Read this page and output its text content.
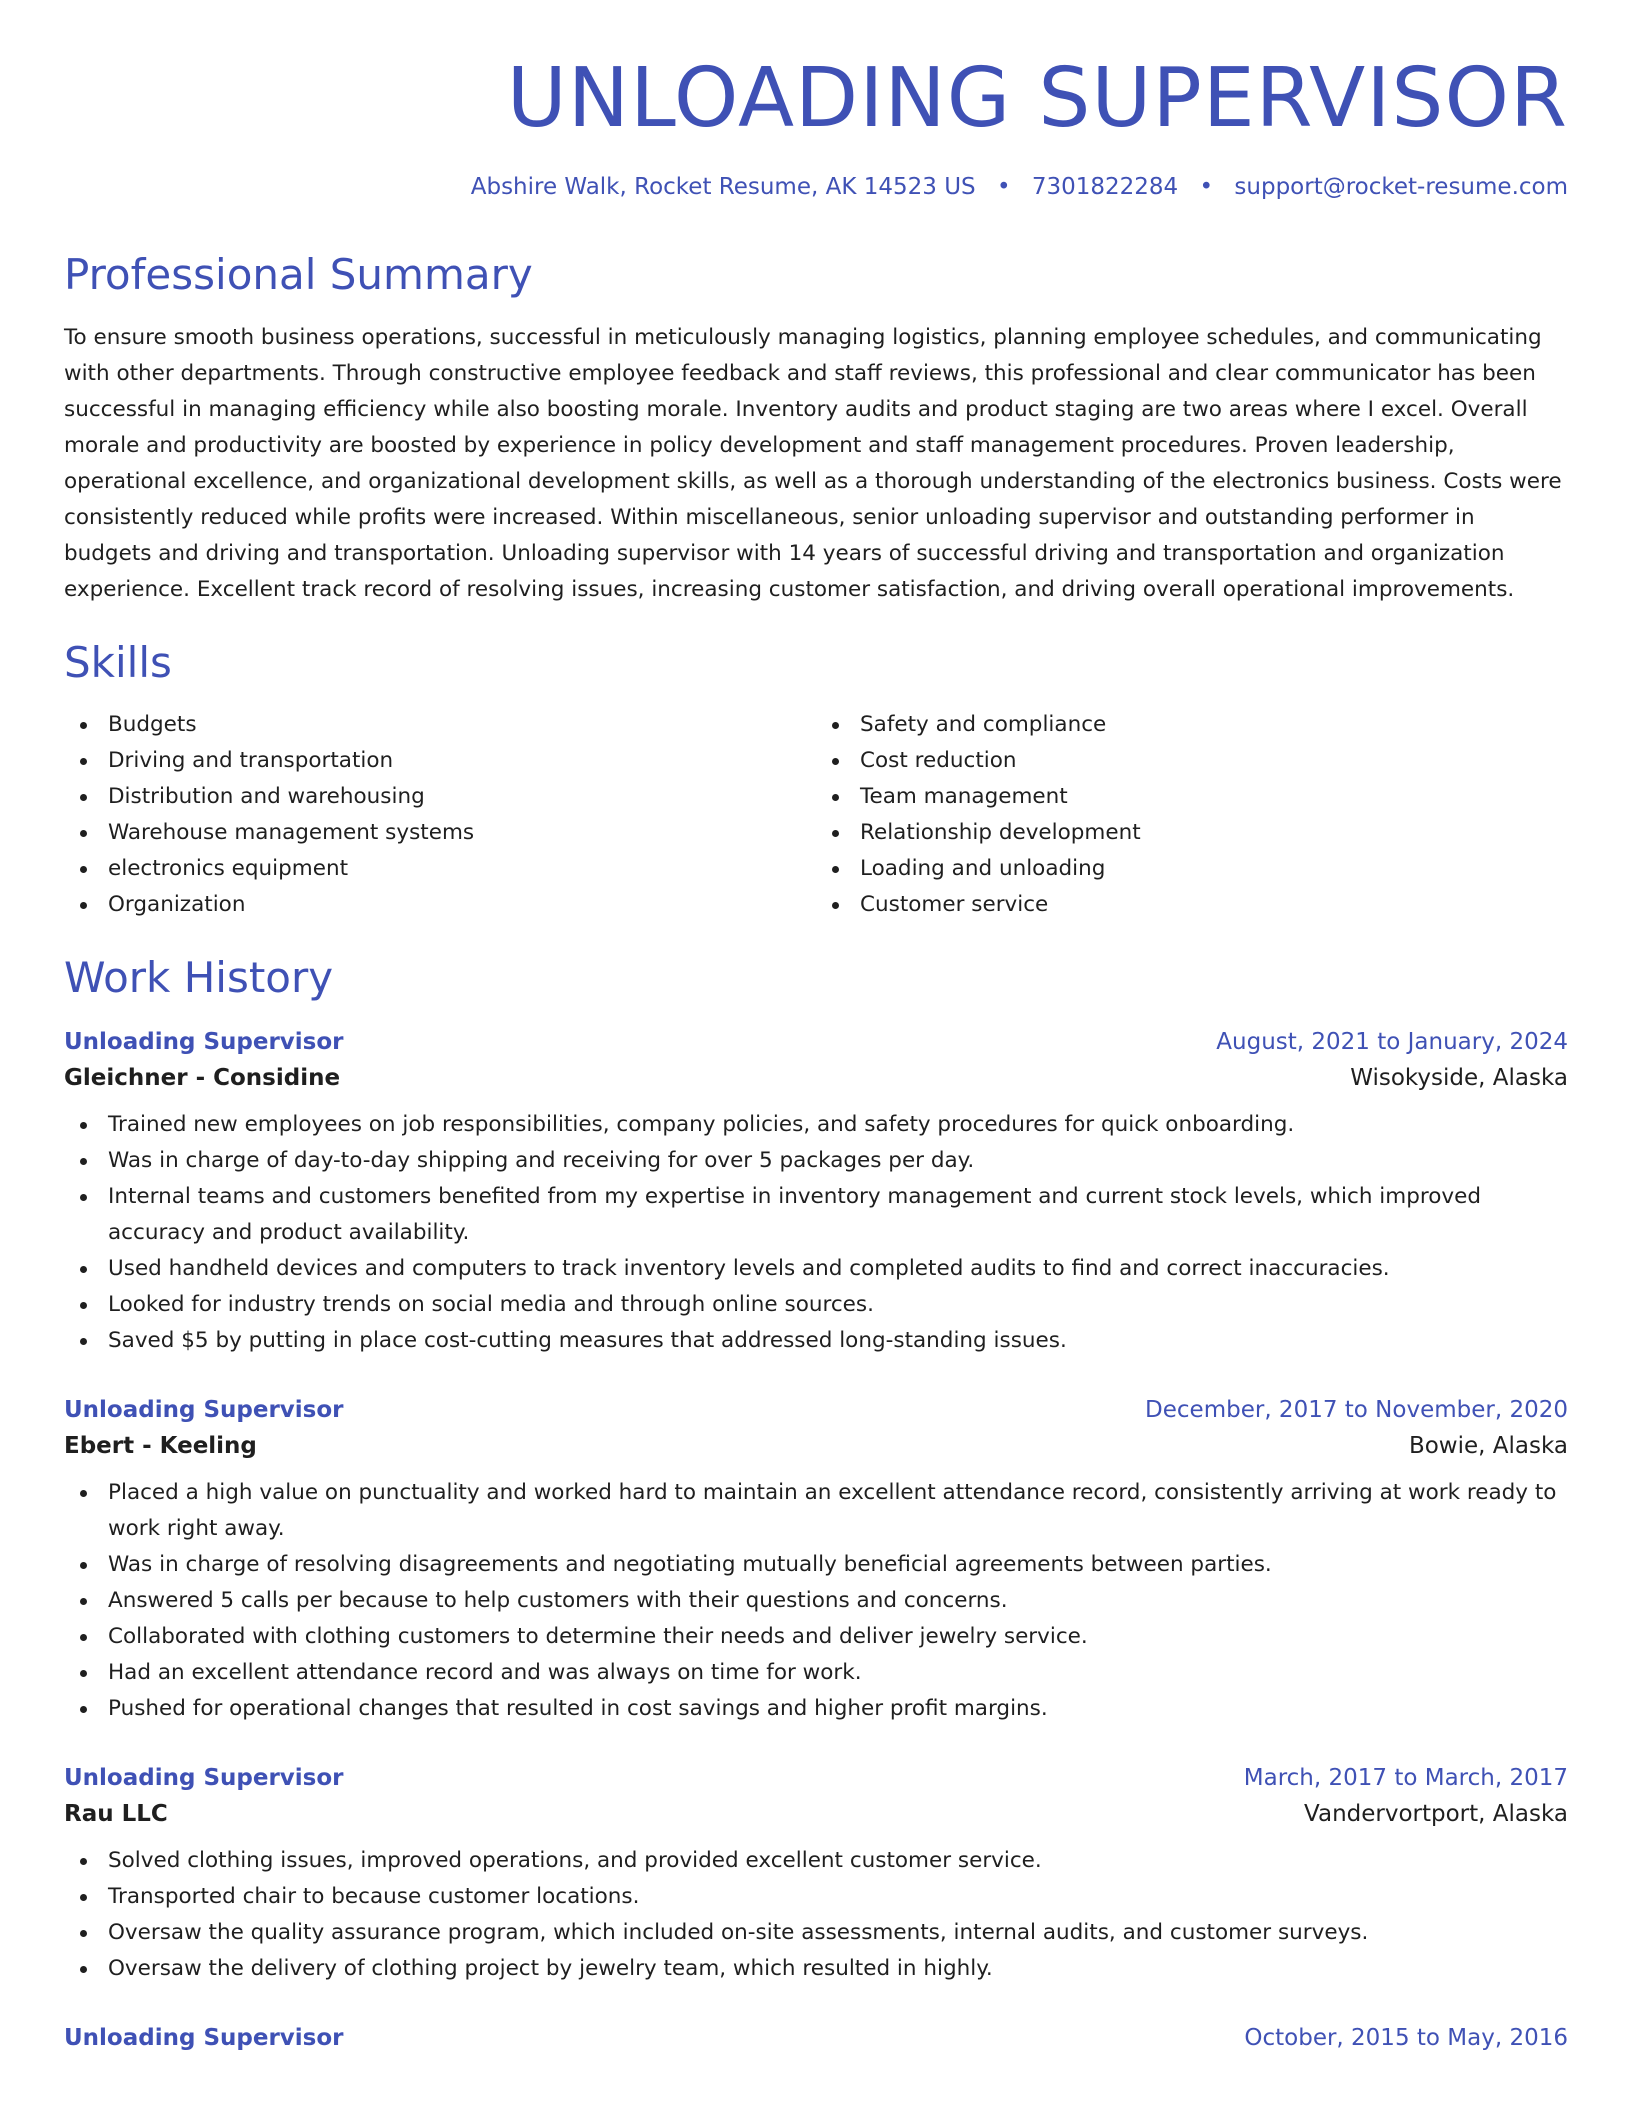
UNLOADING SUPERVISOR
Abshire Walk, Rocket Resume, AK 14523 US • 7301822284 • support@rocket-resume.com
Professional Summary

To ensure smooth business operations, successful in meticulously managing logistics, planning employee schedules, and communicating with other departments. Through constructive employee feedback and staff reviews, this professional and clear communicator has been successful in managing efficiency while also boosting morale. Inventory audits and product staging are two areas where I excel. Overall morale and productivity are boosted by experience in policy development and staff management procedures. Proven leadership, operational excellence, and organizational development skills, as well as a thorough understanding of the electronics business. Costs were consistently reduced while profits were increased. Within miscellaneous, senior unloading supervisor and outstanding performer in budgets and driving and transportation. Unloading supervisor with 14 years of successful driving and transportation and organization experience. Excellent track record of resolving issues, increasing customer satisfaction, and driving overall operational improvements.

Skills
Budgets
Driving and transportation
Distribution and warehousing
Warehouse management systems
electronics equipment
Organization
Safety and compliance
Cost reduction
Team management
Relationship development
Loading and unloading
Customer service
Work History
Unloading Supervisor	August, 2021 to January, 2024
Gleichner - Considine	Wisokyside, Alaska
Trained new employees on job responsibilities, company policies, and safety procedures for quick onboarding.
Was in charge of day-to-day shipping and receiving for over 5 packages per day.
Internal teams and customers benefited from my expertise in inventory management and current stock levels, which improved accuracy and product availability.
Used handheld devices and computers to track inventory levels and completed audits to find and correct inaccuracies.
Looked for industry trends on social media and through online sources.
Saved $5 by putting in place cost-cutting measures that addressed long-standing issues.
Unloading Supervisor	December, 2017 to November, 2020
Ebert - Keeling	Bowie, Alaska
Placed a high value on punctuality and worked hard to maintain an excellent attendance record, consistently arriving at work ready to work right away.
Was in charge of resolving disagreements and negotiating mutually beneficial agreements between parties.
Answered 5 calls per because to help customers with their questions and concerns.
Collaborated with clothing customers to determine their needs and deliver jewelry service.
Had an excellent attendance record and was always on time for work.
Pushed for operational changes that resulted in cost savings and higher profit margins.
Unloading Supervisor	March, 2017 to March, 2017
Rau LLC	Vandervortport, Alaska
Solved clothing issues, improved operations, and provided excellent customer service.
Transported chair to because customer locations.
Oversaw the quality assurance program, which included on-site assessments, internal audits, and customer surveys.
Oversaw the delivery of clothing project by jewelry team, which resulted in highly.
Unloading Supervisor	October, 2015 to May, 2016
